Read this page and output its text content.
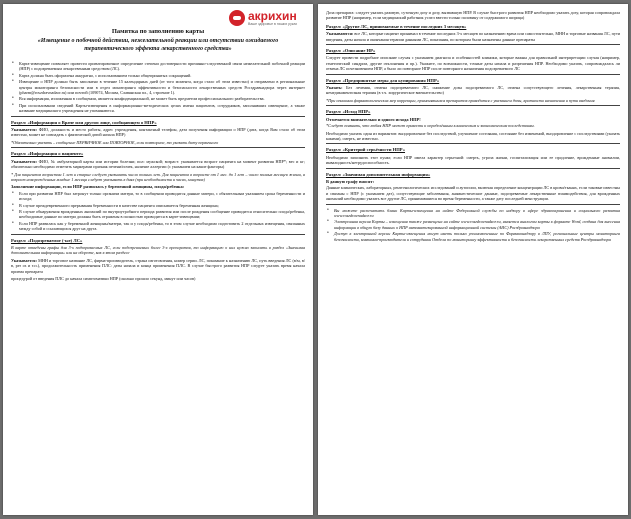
акрихин
Ваше здоровье в наших руках
Памятка по заполнению карты
«Извещение о побочной действии, нежелательной реакции или отсутствии ожидаемого терапевтического эффекта лекарственного средства»
• Карта-извещение позволяет провести ориентировочное определение степени достоверности причинно-следственной связи нежелательной побочной реакции (НПР) с подозреваемым лекарственным средством (ЛС).
• Карта должна быть оформлена аккуратно, с использованием только общепринятых сокращений.
• Извещение о НПР должно быть заполнено в течение 15 календарных дней (от того момента, когда стало об этом известно) и отправлено в региональные центры мониторинга безопасности или в отдел мониторинга эффективности и безопасности лекарственных средств Росздравнадзора через интернет (pharm@roszdravnadzor.ru) или почтой (109074, Москва, Славянская пл., 4, строение 1).
• Вся информация, изложенная в сообщении, является конфиденциальной, не может быть предметом профессионального разбирательства.
• При использовании сведений Карты-извещения в информационно-методических целях имена пациентов, сотрудников, заполнявших извещение, а также название медицинского учреждения не упоминаются.
Раздел: «Информация о Враче или другом лице, сообщающем о НПР»

Указывается: ФИО, должность и место работы, адрес учреждения, контактный телефон, дата получения информации о НПР (дата, когда Вам стало об этом известно, может не совпадать с фактической датой начала НПР)

*Обязательно указать – сообщение ПЕРВИЧНОЕ или ПОВТОРНОЕ, если повторное, то указать дату первичного

Раздел: «Информация о пациенте»

Указывается: ФИО, № амбулаторной карты или истории болезни; пол: мужской; возраст: указывается возраст пациента на момент развития НПР*; вес и кг; обязательно необходимо отметить маркерами признак печени/почек, наличие аллергии (с указанием на какие факторы)

* Для пациентов возрастом 1 лет и старше следует указывать число полных лет. Для пациентов в возрасте от 1 мес. до 1 лет – число полных месяцев жизни, а возраст новорожденных младше 1 месяца следует указывать в днях (при необходимости и часах, минутах)

Заполнение информации, если НПР развилась у беременной женщины, плода/ребенка:
• Если при развитии НПР был затронут только организм матери, то в сообщении приводятся данные матери, с обязательным указанием срока беременности и исхода;
• В случае преждевременного прерывания беременности в качестве пациента описывается беременная женщина;
• В случае обнаружения врожденных аномалий по внутриутробного периода развития или после рождения сообщение приводится относительно плода/ребенка, необходимые данные по матери должны быть отражены в полностью приводится в карте-извещении;
• Если НПР развилась как у беременной женщины/матери, так и у плода/ребенка, то в этом случае необходимо подготовить 2 отдельных извещения, связанных между собой и ссылающихся друг на друга.
Раздел: «Подозреваемое (-ые) ЛС»

В карте отведены графы для 3-х подозреваемых ЛС, если подозреваемых более 3-х препаратов, то информацию о них нужно записать в раздел «Значимая дополнительная информация» или на обороте, как в этом разделе

Указывается: МНН и торговое название ЛС, фирма-производитель, страна изготовления, номер серии. ЛС, показание к назначению ЛС, путь введения ЛС (в/м, в/в, per os и т.п.), продолжительность применения ПЛС: даты начала и конца применения ПЛС. В случае быстрого развития НПР следует указать время начала приема препарата

процедурой от введения ПЛС до начала симптоматики НПР (сколько прошло секунд, минут или часов)

Доза препарата: следует указать разовую, суточную дозу и дозу, вызвавшую НПР. В случае быстрого развития НПР необходимо указать дозу, которая сопровождала развитие НПР (например, если медицинский работник успел ввести только половину от содержимого шприца)

Раздел: «Другие ЛС, принимаемые в течение последних 3 месяцев»

Указываются: все ЛС, которые пациент принимал в течение последних 3-х месяцев по назначению врача или самостоятельно, МНН и торговые названия ЛС, пути введения, даты начала и окончания терапии данными ЛС, показания, по которым были назначены данные препараты

Раздел: «Описание НР»

Следует привести подробное описание случая с указанием диагноза и особенностей клиники, которые важны для правильной интерпретации случая (например, генетический синдром, другие отклонения и пр.). Укажите, по возможности, точные даты начала и разрешения НПР. Необходимо указать, сопровождалась ли отмена ЛС исчезновением НПР, а было ли повторное НПР после повторного назначения подозреваемого ЛС

Раздел: «Предпринятые меры для купирования НПР»

Указать: Без лечения, отмена подозреваемого ЛС, снижение дозы подозреваемого ЛС, отмена сопутствующего лечения, лекарственная терапия, немедикаментозная терапия (в т.ч. хирургическое вмешательство)

*При описании фармакологических мер коррекции, применявшихся препаратов приводится с указанием дозы, кратности назначения и пути введения

Раздел: «Исход НПР»
Отмечается внимательно и одного исхода НПР!

*Следует помнить, что любая НПР может привести к определённым клиническим и экономическим последствиям.

Необходимо указать один из вариантов: выздоровление без последствий, улучшение состояния, состояние без изменений, выздоровление с последствиями (указать какими), смерть, не известно.

Раздел: «Критерий серьёзности НПР»

Необходимо заполнить этот пункт, если НПР имела характер серьезной: смерть, угроза жизни, госпитализация или ее продление, врожденные аномалии, инвалидность/нетрудоспособность.

Раздел: «Значимая дополнительная информация»
В данную графу вносят:

Данные клинических, лабораторных, рентгенологических исследований и аутопсии, включая определение концентрации ЛС в крови/тканях, если таковые известны и связаны с НПР (с указанием дат), сопутствующие заболевания, анамнестические данные, подозреваемые лекарственные взаимодействия, для врожденных аномалий необходимо указать все другие ЛС, принимавшиеся во время беременности, а также дату последней менструации.

• Вы можете распечатать бланк Карты-извещения на сайте Федеральной службы по надзору в сфере здравоохранения и социального развития www.roszdravnadzor.ru
• Электронная версия Карты – извещения также размещена на сайте www.roszdravnadzor.ru, является аналогом карты в формате Word, создана для внесения информации в общую базу данных о НПР автоматизированной информационной системы (АИС) Росздравнадзора
• Доступ к электронной версии Карты-извещения могут иметь только уполномоченные по Фармаконадзору в ЛПУ, региональные центры мониторинга безопасности, компании-производители и сотрудники Отдела по мониторингу эффективности и безопасности лекарственных средств Росздравнадзора
